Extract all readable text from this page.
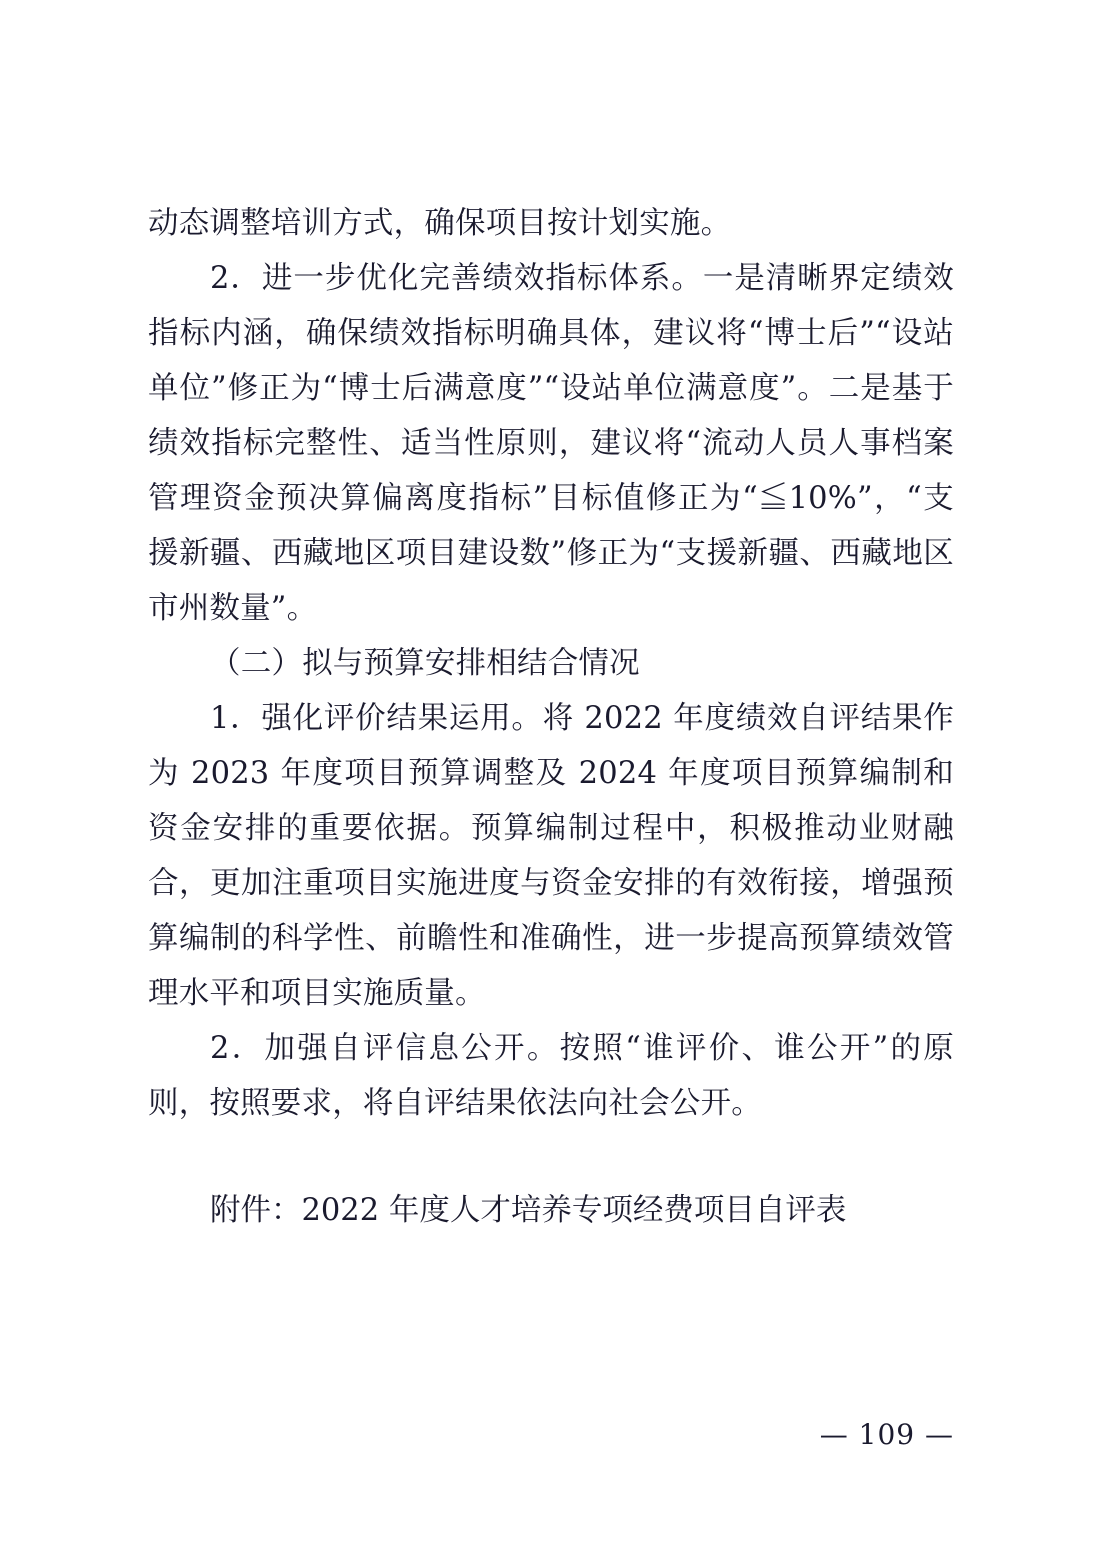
动态调整培训方式，确保项目按计划实施。

2．进一步优化完善绩效指标体系。一是清晰界定绩效指标内涵，确保绩效指标明确具体，建议将“博士后”“设站单位”修正为“博士后满意度”“设站单位满意度”。二是基于绩效指标完整性、适当性原则，建议将“流动人员人事档案管理资金预决算偏离度指标”目标值修正为“≦10%”，“支援新疆、西藏地区项目建设数”修正为“支援新疆、西藏地区市州数量”。

（二）拟与预算安排相结合情况

1．强化评价结果运用。将 2022 年度绩效自评结果作为 2023 年度项目预算调整及 2024 年度项目预算编制和资金安排的重要依据。预算编制过程中，积极推动业财融合，更加注重项目实施进度与资金安排的有效衔接，增强预算编制的科学性、前瞻性和准确性，进一步提高预算绩效管理水平和项目实施质量。

2．加强自评信息公开。按照“谁评价、谁公开”的原则，按照要求，将自评结果依法向社会公开。

附件：2022 年度人才培养专项经费项目自评表

— 109 —
